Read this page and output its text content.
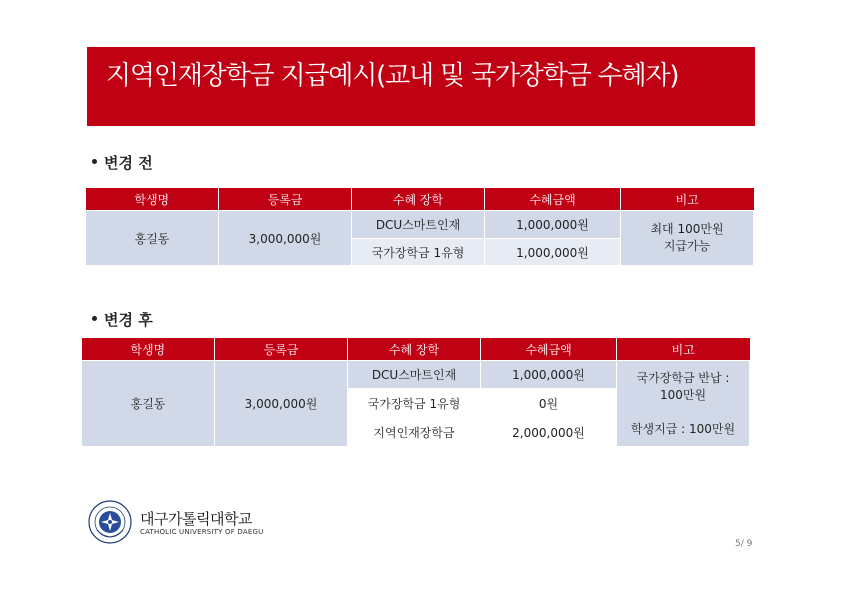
지역인재장학금 지급예시(교내 및 국가장학금 수혜자)
변경 전
학생명	등록금	수혜 장학	수혜금액	비고
홍길동	3,000,000원	DCU스마트인재	1,000,000원	최대 100만원
지급가능

		국가장학금 1유형	1,000,000원	
변경 후
학생명	등록금	수혜 장학	수혜금액	비고
홍길동	3,000,000원	DCU스마트인재	1,000,000원	국가장학금 반납 :
100만원
학생지급 : 100만원

		국가장학금 1유형	0원	
		지역인재장학금	2,000,000원	
대구가톨릭대학교
CATHOLIC UNIVERSITY OF DAEGU
5/ 9
